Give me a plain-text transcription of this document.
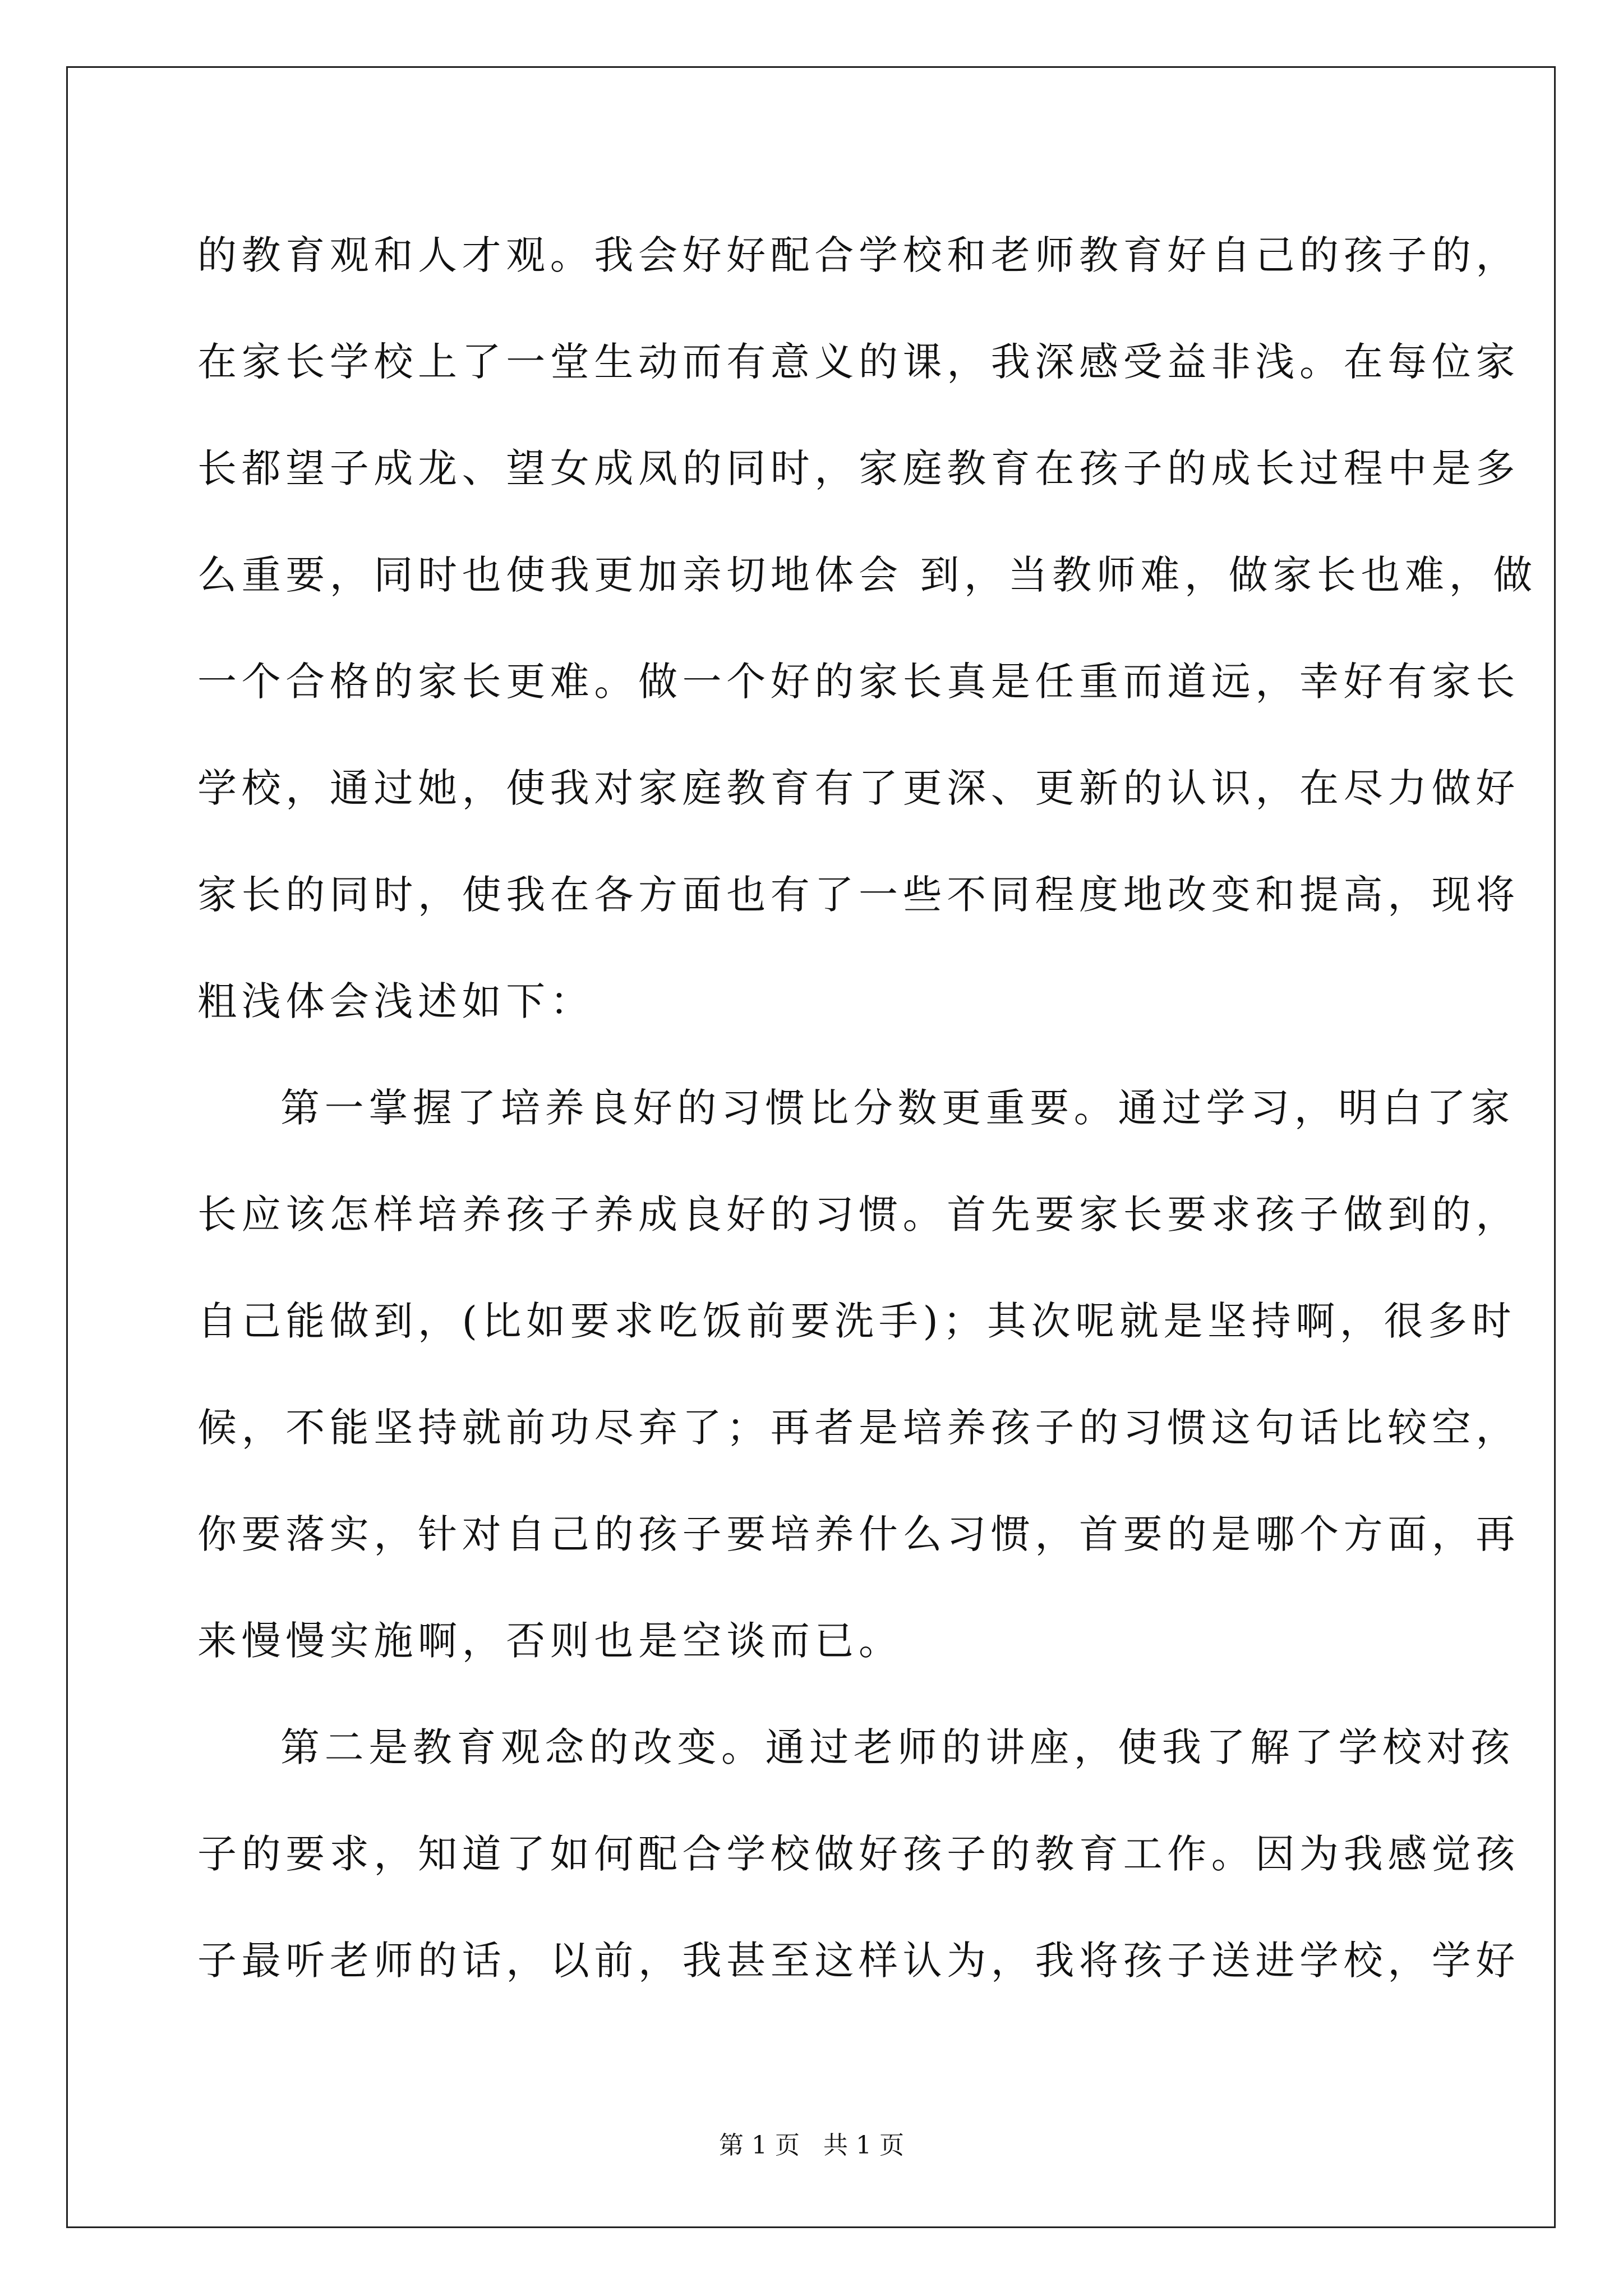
的教育观和人才观。我会好好配合学校和老师教育好自己的孩子的，
在家长学校上了一堂生动而有意义的课，我深感受益非浅。在每位家
长都望子成龙、望女成凤的同时，家庭教育在孩子的成长过程中是多
么重要，同时也使我更加亲切地体会 到，当教师难，做家长也难，做
一个合格的家长更难。做一个好的家长真是任重而道远，幸好有家长
学校，通过她，使我对家庭教育有了更深、更新的认识，在尽力做好
家长的同时，使我在各方面也有了一些不同程度地改变和提高，现将
粗浅体会浅述如下：
第一掌握了培养良好的习惯比分数更重要。通过学习，明白了家
长应该怎样培养孩子养成良好的习惯。首先要家长要求孩子做到的，
自己能做到，(比如要求吃饭前要洗手)；其次呢就是坚持啊，很多时
候，不能坚持就前功尽弃了；再者是培养孩子的习惯这句话比较空，
你要落实，针对自己的孩子要培养什么习惯，首要的是哪个方面，再
来慢慢实施啊，否则也是空谈而已。
第二是教育观念的改变。通过老师的讲座，使我了解了学校对孩
子的要求，知道了如何配合学校做好孩子的教育工作。因为我感觉孩
子最听老师的话，以前，我甚至这样认为，我将孩子送进学校，学好
第 1 页   共 1 页
